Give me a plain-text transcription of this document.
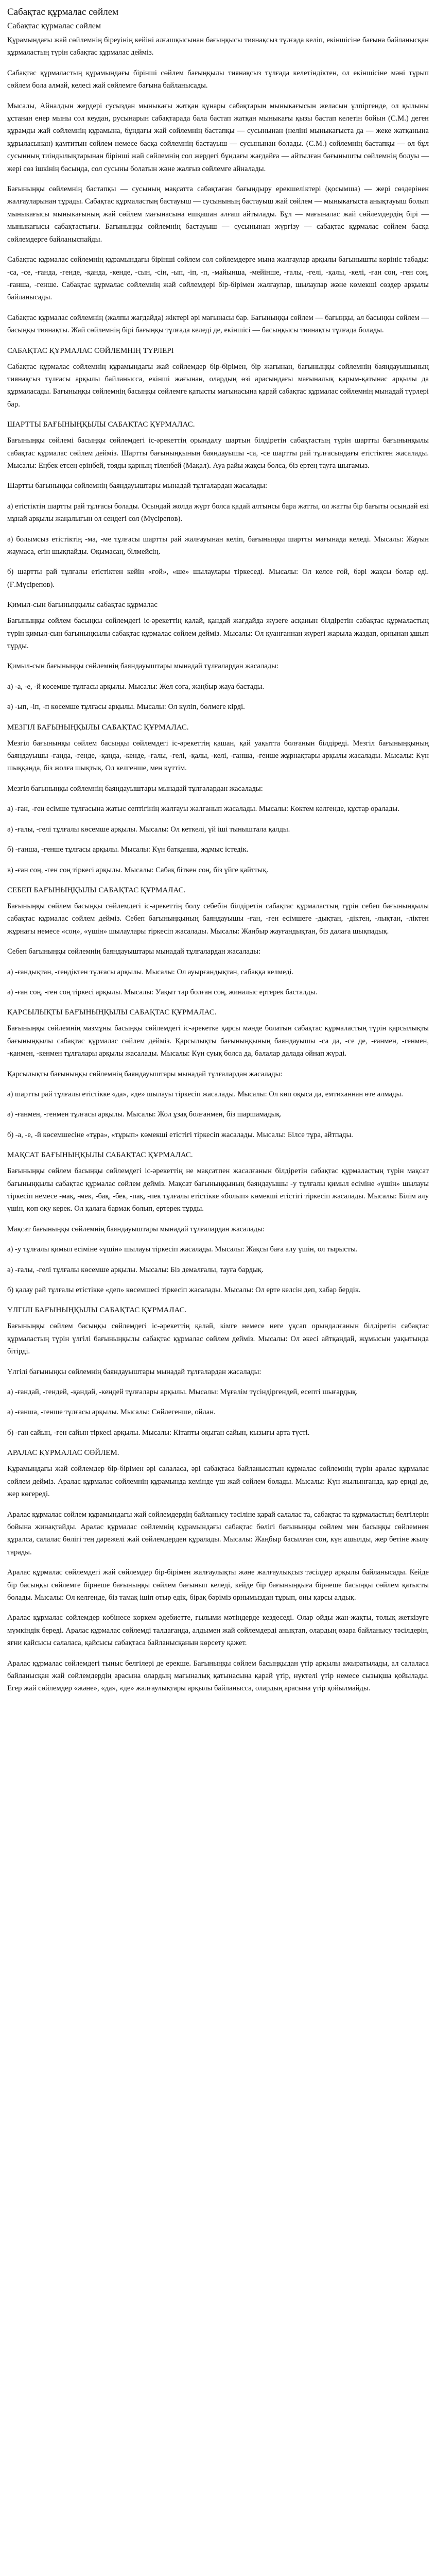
Сабақтас құрмалас сөйлем
Сабақтас құрмалас сөйлем

Құрамындағы жай сөйлемнің біреуінің кейіні алғашқысынан бағыңқысы тиянақсыз тұлғада келіп, екіншісіне бағына байланысқан құрмаластың түрін сабақтас құрмалас дейміз.

Сабақтас құрмаластың құрамындағы бірінші сөйлем бағыңқылы тиянақсыз тұлғада келетіндіктен, ол екіншісіне мәні тұрып сөйлем бола алмай, келесі жай сөйлемге бағына байланысады.

Мысалы, Айналдын жердері сусыздан мыныкағы жатқан құнары сабақтарын мыныкағысын желасын ұлпіргенде, ол қылыны ұстанан енер мыны сол кеудан, русынарын сабақтарада бала бастап жатқан мыныкағы қызы бастап келетін бойын (С.М.) деген құрамды жай сөйлемнің құрамына, бұндағы жай сөйлемнің бастапқы — сусынынан (неліні мыныкағыста да — жеке жатқанына құрыласынан) қамтитын сөйлем немесе басқа сөйлемнің бастауыш — сусынынан болады. (С.М.) сөйлемнің бастапқы — ол бұл сусынның тиіндылықтарынан бірінші жай сөйлемнің сол жердегі бұндағы жағдайға — айтылған бағынышты сөйлемнің болуы — жері сөз ішкінің басында, сол сусыны болатын және жалғыз сөйлемге айналады.

Бағыныңқы сөйлемнің бастапқы — сусының мақсатта сабақтаған бағындыру ерекшеліктері (қосымша) — жері сөздерінен жалғауларынан тұрады. Сабақтас құрмаластың бастауыш — сусынының бастауыш жай сөйлем — мыныкағыста анықтауыш болып мыныкағысы мыныкағының жай сөйлем мағынасына ешқашан алғаш айтылады. Бұл — мағыналас жай сөйлемдердің бірі — мыныкағысы сабақтастығы. Бағыныңқы сөйлемнің бастауыш — сусынынан жүргізу — сабақтас құрмалас сөйлем басқа сөйлемдерге байланыспайды.

Сабақтас құрмалас сөйлемнің құрамындағы бірінші сөйлем сол сөйлемдерге мына жалғаулар арқылы бағынышты көрініс табады: -са, -се, -ғанда, -генде, -қанда, -кенде, -сын, -сін, -ып, -іп, -п, -майынша, -мейінше, -ғалы, -гелі, -қалы, -келі, -ған соң, -ген соң, -ғанша, -генше. Сабақтас құрмалас сөйлемнің жай сөйлемдері бір-бірімен жалғаулар, шылаулар және көмекші сөздер арқылы байланысады.

Сабақтас құрмалас сөйлемнің (жалпы жағдайда) жіктері әрі мағынасы бар. Бағыныңқы сөйлем — бағыңқы, ал басыңқы сөйлем — басыңқы тиянақты. Жай сөйлемнің бірі бағыңқы тұлғада келеді де, екіншісі — басыңқысы тиянақты тұлғада болады.

САБАҚТАС ҚҰРМАЛАС СӨЙЛЕМНІҢ ТҮРЛЕРІ

Сабақтас құрмалас сөйлемнің құрамындағы жай сөйлемдер бір-бірімен, бір жағынан, бағыныңқы сөйлемнің баяндауышының тиянақсыз тұлғасы арқылы байланысса, екінші жағынан, олардың өзі арасындағы мағыналық қарым-қатынас арқылы да құрмаласады. Бағыныңқы сөйлемнің басыңқы сөйлемге қатысты мағынасына қарай сабақтас құрмалас сөйлемнің мынадай түрлері бар.

ШАРТТЫ БАҒЫНЫҢҚЫЛЫ САБАҚТАС ҚҰРМАЛАС.

Бағыныңқы сөйлемі басыңқы сөйлемдегі іс-әрекеттің орындалу шартын білдіретін сабақтастың түрін шартты бағыныңқылы сабақтас құрмалас сөйлем дейміз. Шартты бағыныңқының баяндауышы -са, -се шартты рай тұлғасындағы етістіктен жасалады. Мысалы: Еңбек етсең ерінбей, тояды қарның тіленбей (Мақал). Ауа райы жақсы болса, біз ертең тауға шығамыз.

Шартты бағыныңқы сөйлемнің баяндауыштары мынадай тұлғалардан жасалады:

а) етістіктің шартты рай тұлғасы болады. Осындай жолда жүрт болса қадай алтынсы бара жатты, ол жатты бір бағыты осындай екі мұнай арқылы жаңалығын ол сендегі сол (Мүсірепов).

ә) болымсыз етістіктің -ма, -ме тұлғасы шартты рай жалғауынан келіп, бағыныңқы шартты мағынада келеді. Мысалы: Жауын жаумаса, егін шықпайды. Оқымасаң, білмейсің.

б) шартты рай тұлғалы етістіктен кейін «ғой», «ше» шылаулары тіркеседі. Мысалы: Ол келсе ғой, бәрі жақсы болар еді. (Ғ.Мүсірепов).

Қимыл-сын бағыныңқылы сабақтас құрмалас

Бағыныңқы сөйлем басыңқы сөйлемдегі іс-әрекеттің қалай, қандай жағдайда жүзеге асқанын білдіретін сабақтас құрмаластың түрін қимыл-сын бағыныңқылы сабақтас құрмалас сөйлем дейміз. Мысалы: Ол қуанғаннан жүрегі жарыла жаздап, орнынан ұшып тұрды.

Қимыл-сын бағыныңқы сөйлемнің баяндауыштары мынадай тұлғалардан жасалады:

а) -а, -е, -й көсемше тұлғасы арқылы. Мысалы: Жел соға, жаңбыр жауа бастады.

ә) -ып, -іп, -п көсемше тұлғасы арқылы. Мысалы: Ол күліп, бөлмеге кірді.

МЕЗГІЛ БАҒЫНЫҢҚЫЛЫ САБАҚТАС ҚҰРМАЛАС.

Мезгіл бағыныңқы сөйлем басыңқы сөйлемдегі іс-әрекеттің қашан, қай уақытта болғанын білдіреді. Мезгіл бағыныңқының баяндауышы -ғанда, -генде, -қанда, -кенде, -ғалы, -гелі, -қалы, -келі, -ғанша, -генше жұрнақтары арқылы жасалады. Мысалы: Күн шыққанда, біз жолға шықтық. Ол келгенше, мен күттім.

Мезгіл бағыныңқы сөйлемнің баяндауыштары мынадай тұлғалардан жасалады:

а) -ған, -ген есімше тұлғасына жатыс септігінің жалғауы жалғанып жасалады. Мысалы: Көктем келгенде, құстар оралады.

ә) -ғалы, -гелі тұлғалы көсемше арқылы. Мысалы: Ол кеткелі, үй іші тыныштала қалды.

б) -ғанша, -генше тұлғасы арқылы. Мысалы: Күн батқанша, жұмыс істедік.

в) -ған соң, -ген соң тіркесі арқылы. Мысалы: Сабақ біткен соң, біз үйге қайттық.

СЕБЕП БАҒЫНЫҢҚЫЛЫ САБАҚТАС ҚҰРМАЛАС.

Бағыныңқы сөйлем басыңқы сөйлемдегі іс-әрекеттің болу себебін білдіретін сабақтас құрмаластың түрін себеп бағыныңқылы сабақтас құрмалас сөйлем дейміз. Себеп бағыныңқының баяндауышы -ған, -ген есімшеге -дықтан, -діктен, -лықтан, -ліктен жұрнағы немесе «соң», «үшін» шылаулары тіркесіп жасалады. Мысалы: Жаңбыр жауғандықтан, біз далаға шықпадық.

Себеп бағыныңқы сөйлемнің баяндауыштары мынадай тұлғалардан жасалады:

а) -ғандықтан, -гендіктен тұлғасы арқылы. Мысалы: Ол ауырғандықтан, сабаққа келмеді.

ә) -ған соң, -ген соң тіркесі арқылы. Мысалы: Уақыт тар болған соң, жиналыс ертерек басталды.

ҚАРСЫЛЫҚТЫ БАҒЫНЫҢҚЫЛЫ САБАҚТАС ҚҰРМАЛАС.

Бағыныңқы сөйлемнің мазмұны басыңқы сөйлемдегі іс-әрекетке қарсы мәнде болатын сабақтас құрмаластың түрін қарсылықты бағыныңқылы сабақтас құрмалас сөйлем дейміз. Қарсылықты бағыныңқының баяндауышы -са да, -се де, -ғанмен, -генмен, -қанмен, -кенмен тұлғалары арқылы жасалады. Мысалы: Күн суық болса да, балалар далада ойнап жүрді.

Қарсылықты бағыныңқы сөйлемнің баяндауыштары мынадай тұлғалардан жасалады:

а) шартты рай тұлғалы етістікке «да», «де» шылауы тіркесіп жасалады. Мысалы: Ол көп оқыса да, емтиханнан өте алмады.

ә) -ғанмен, -генмен тұлғасы арқылы. Мысалы: Жол ұзақ болғанмен, біз шаршамадық.

б) -а, -е, -й көсемшесіне «тұра», «тұрып» көмекші етістігі тіркесіп жасалады. Мысалы: Білсе тұра, айтпады.

МАҚСАТ БАҒЫНЫҢҚЫЛЫ САБАҚТАС ҚҰРМАЛАС.

Бағыныңқы сөйлем басыңқы сөйлемдегі іс-әрекеттің не мақсатпен жасалғанын білдіретін сабақтас құрмаластың түрін мақсат бағыныңқылы сабақтас құрмалас сөйлем дейміз. Мақсат бағыныңқының баяндауышы -у тұлғалы қимыл есіміне «үшін» шылауы тіркесіп немесе -мақ, -мек, -бақ, -бек, -пақ, -пек тұлғалы етістікке «болып» көмекші етістігі тіркесіп жасалады. Мысалы: Білім алу үшін, көп оқу керек. Ол қалаға бармақ болып, ертерек тұрды.

Мақсат бағыныңқы сөйлемнің баяндауыштары мынадай тұлғалардан жасалады:

а) -у тұлғалы қимыл есіміне «үшін» шылауы тіркесіп жасалады. Мысалы: Жақсы баға алу үшін, ол тырысты.

ә) -ғалы, -гелі тұлғалы көсемше арқылы. Мысалы: Біз демалғалы, тауға бардық.

б) қалау рай тұлғалы етістікке «деп» көсемшесі тіркесіп жасалады. Мысалы: Ол ерте келсін деп, хабар бердік.

ҮЛГІЛІ БАҒЫНЫҢҚЫЛЫ САБАҚТАС ҚҰРМАЛАС.

Бағыныңқы сөйлем басыңқы сөйлемдегі іс-әрекеттің қалай, кімге немесе неге ұқсап орындалғанын білдіретін сабақтас құрмаластың түрін үлгілі бағыныңқылы сабақтас құрмалас сөйлем дейміз. Мысалы: Ол әкесі айтқандай, жұмысын уақытында бітірді.

Үлгілі бағыныңқы сөйлемнің баяндауыштары мынадай тұлғалардан жасалады:

а) -ғандай, -гендей, -қандай, -кендей тұлғалары арқылы. Мысалы: Мұғалім түсіндіргендей, есепті шығардық.

ә) -ғанша, -генше тұлғасы арқылы. Мысалы: Сөйлегенше, ойлан.

б) -ған сайын, -ген сайын тіркесі арқылы. Мысалы: Кітапты оқыған сайын, қызығы арта түсті.

АРАЛАС ҚҰРМАЛАС СӨЙЛЕМ.

Құрамындағы жай сөйлемдер бір-бірімен әрі салаласа, әрі сабақтаса байланысатын құрмалас сөйлемнің түрін аралас құрмалас сөйлем дейміз. Аралас құрмалас сөйлемнің құрамында кемінде үш жай сөйлем болады. Мысалы: Күн жылынғанда, қар ериді де, жер көгереді.

Аралас құрмалас сөйлем құрамындағы жай сөйлемдердің байланысу тәсіліне қарай салалас та, сабақтас та құрмаластың белгілерін бойына жинақтайды. Аралас құрмалас сөйлемнің құрамындағы сабақтас бөлігі бағыныңқы сөйлем мен басыңқы сөйлемнен құралса, салалас бөлігі тең дәрежелі жай сөйлемдерден құралады. Мысалы: Жаңбыр басылған соң, күн ашылды, жер бетіне жылу тарады.

Аралас құрмалас сөйлемдегі жай сөйлемдер бір-бірімен жалғаулықты және жалғаулықсыз тәсілдер арқылы байланысады. Кейде бір басыңқы сөйлемге бірнеше бағыныңқы сөйлем бағынып келеді, кейде бір бағыныңқыға бірнеше басыңқы сөйлем қатысты болады. Мысалы: Ол келгенде, біз тамақ ішіп отыр едік, бірақ бәріміз орнымыздан тұрып, оны қарсы алдық.

Аралас құрмалас сөйлемдер көбінесе көркем әдебиетте, ғылыми мәтіндерде кездеседі. Олар ойды жан-жақты, толық жеткізуге мүмкіндік береді. Аралас құрмалас сөйлемді талдағанда, алдымен жай сөйлемдерді анықтап, олардың өзара байланысу тәсілдерін, яғни қайсысы салаласа, қайсысы сабақтаса байланысқанын көрсету қажет.

Аралас құрмалас сөйлемдегі тыныс белгілері де ерекше. Бағыныңқы сөйлем басыңқыдан үтір арқылы ажыратылады, ал салаласа байланысқан жай сөйлемдердің арасына олардың мағыналық қатынасына қарай үтір, нүктелі үтір немесе сызықша қойылады. Егер жай сөйлемдер «және», «да», «де» жалғаулықтары арқылы байланысса, олардың арасына үтір қойылмайды.
